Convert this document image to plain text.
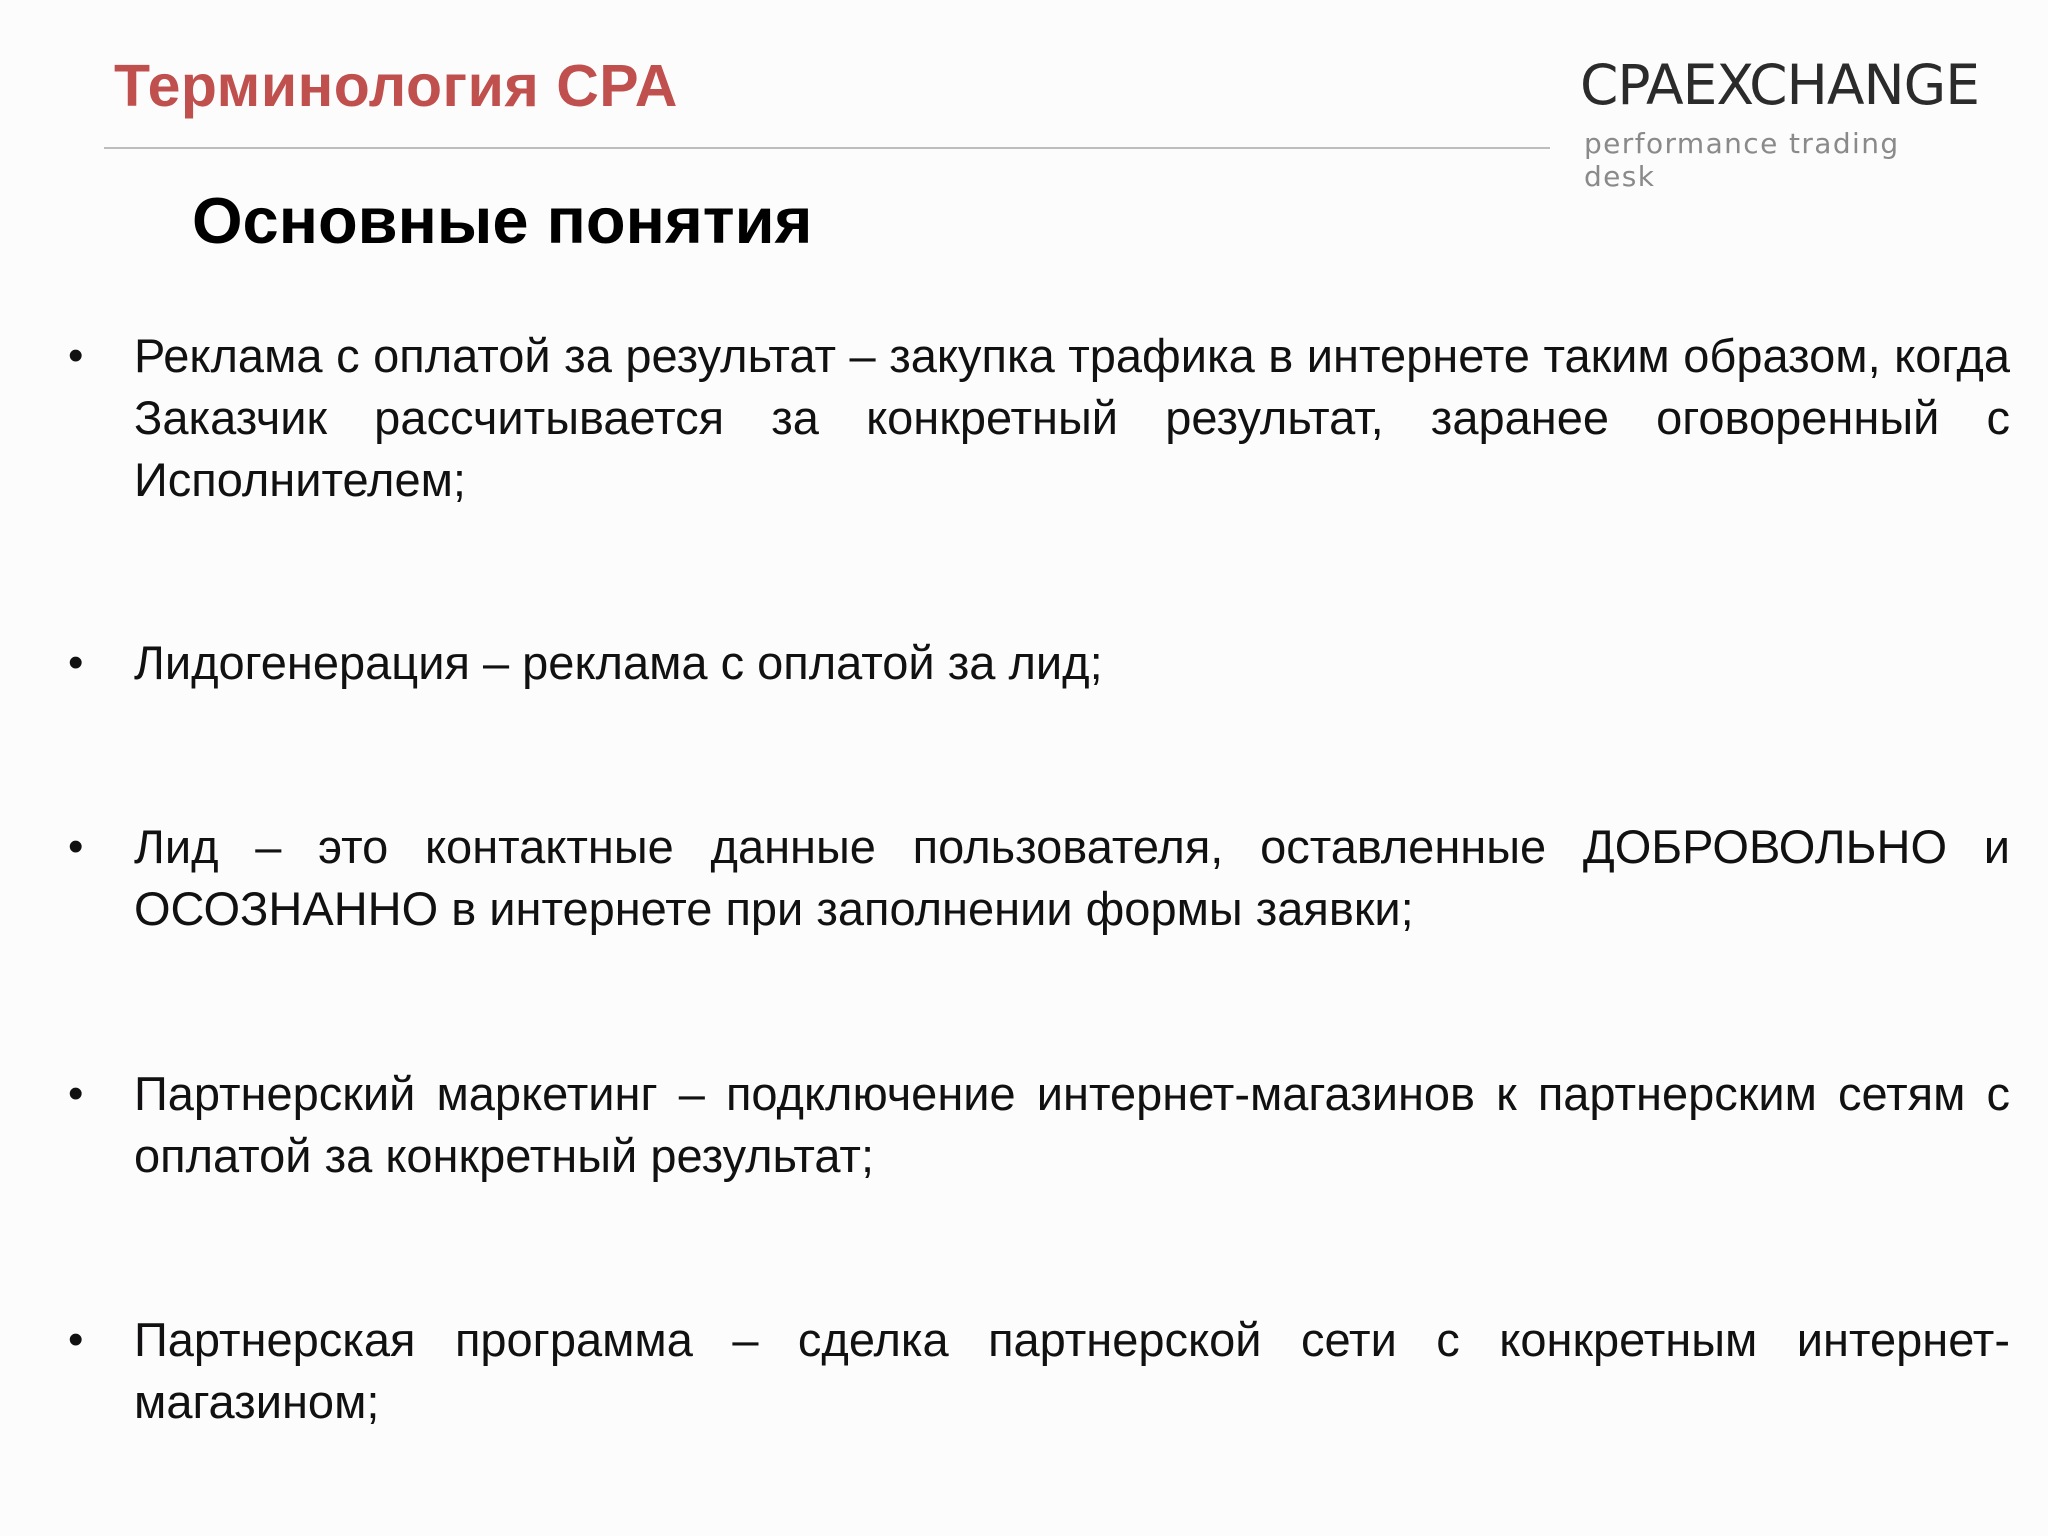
Терминология CPA	CPAEXCHANGE
performance trading desk
Основные понятия
• Реклама с оплатой за результат – закупка трафика в интернете таким образом, когда Заказчик рассчитывается за конкретный результат, заранее оговоренный с Исполнителем;
• Лидогенерация – реклама с оплатой за лид;
• Лид – это контактные данные пользователя, оставленные ДОБРОВОЛЬНО и ОСОЗНАННО в интернете при заполнении формы заявки;
• Партнерский маркетинг – подключение интернет-магазинов к партнерским сетям с оплатой за конкретный результат;
• Партнерская программа – сделка партнерской сети с конкретным интернет-магазином;
